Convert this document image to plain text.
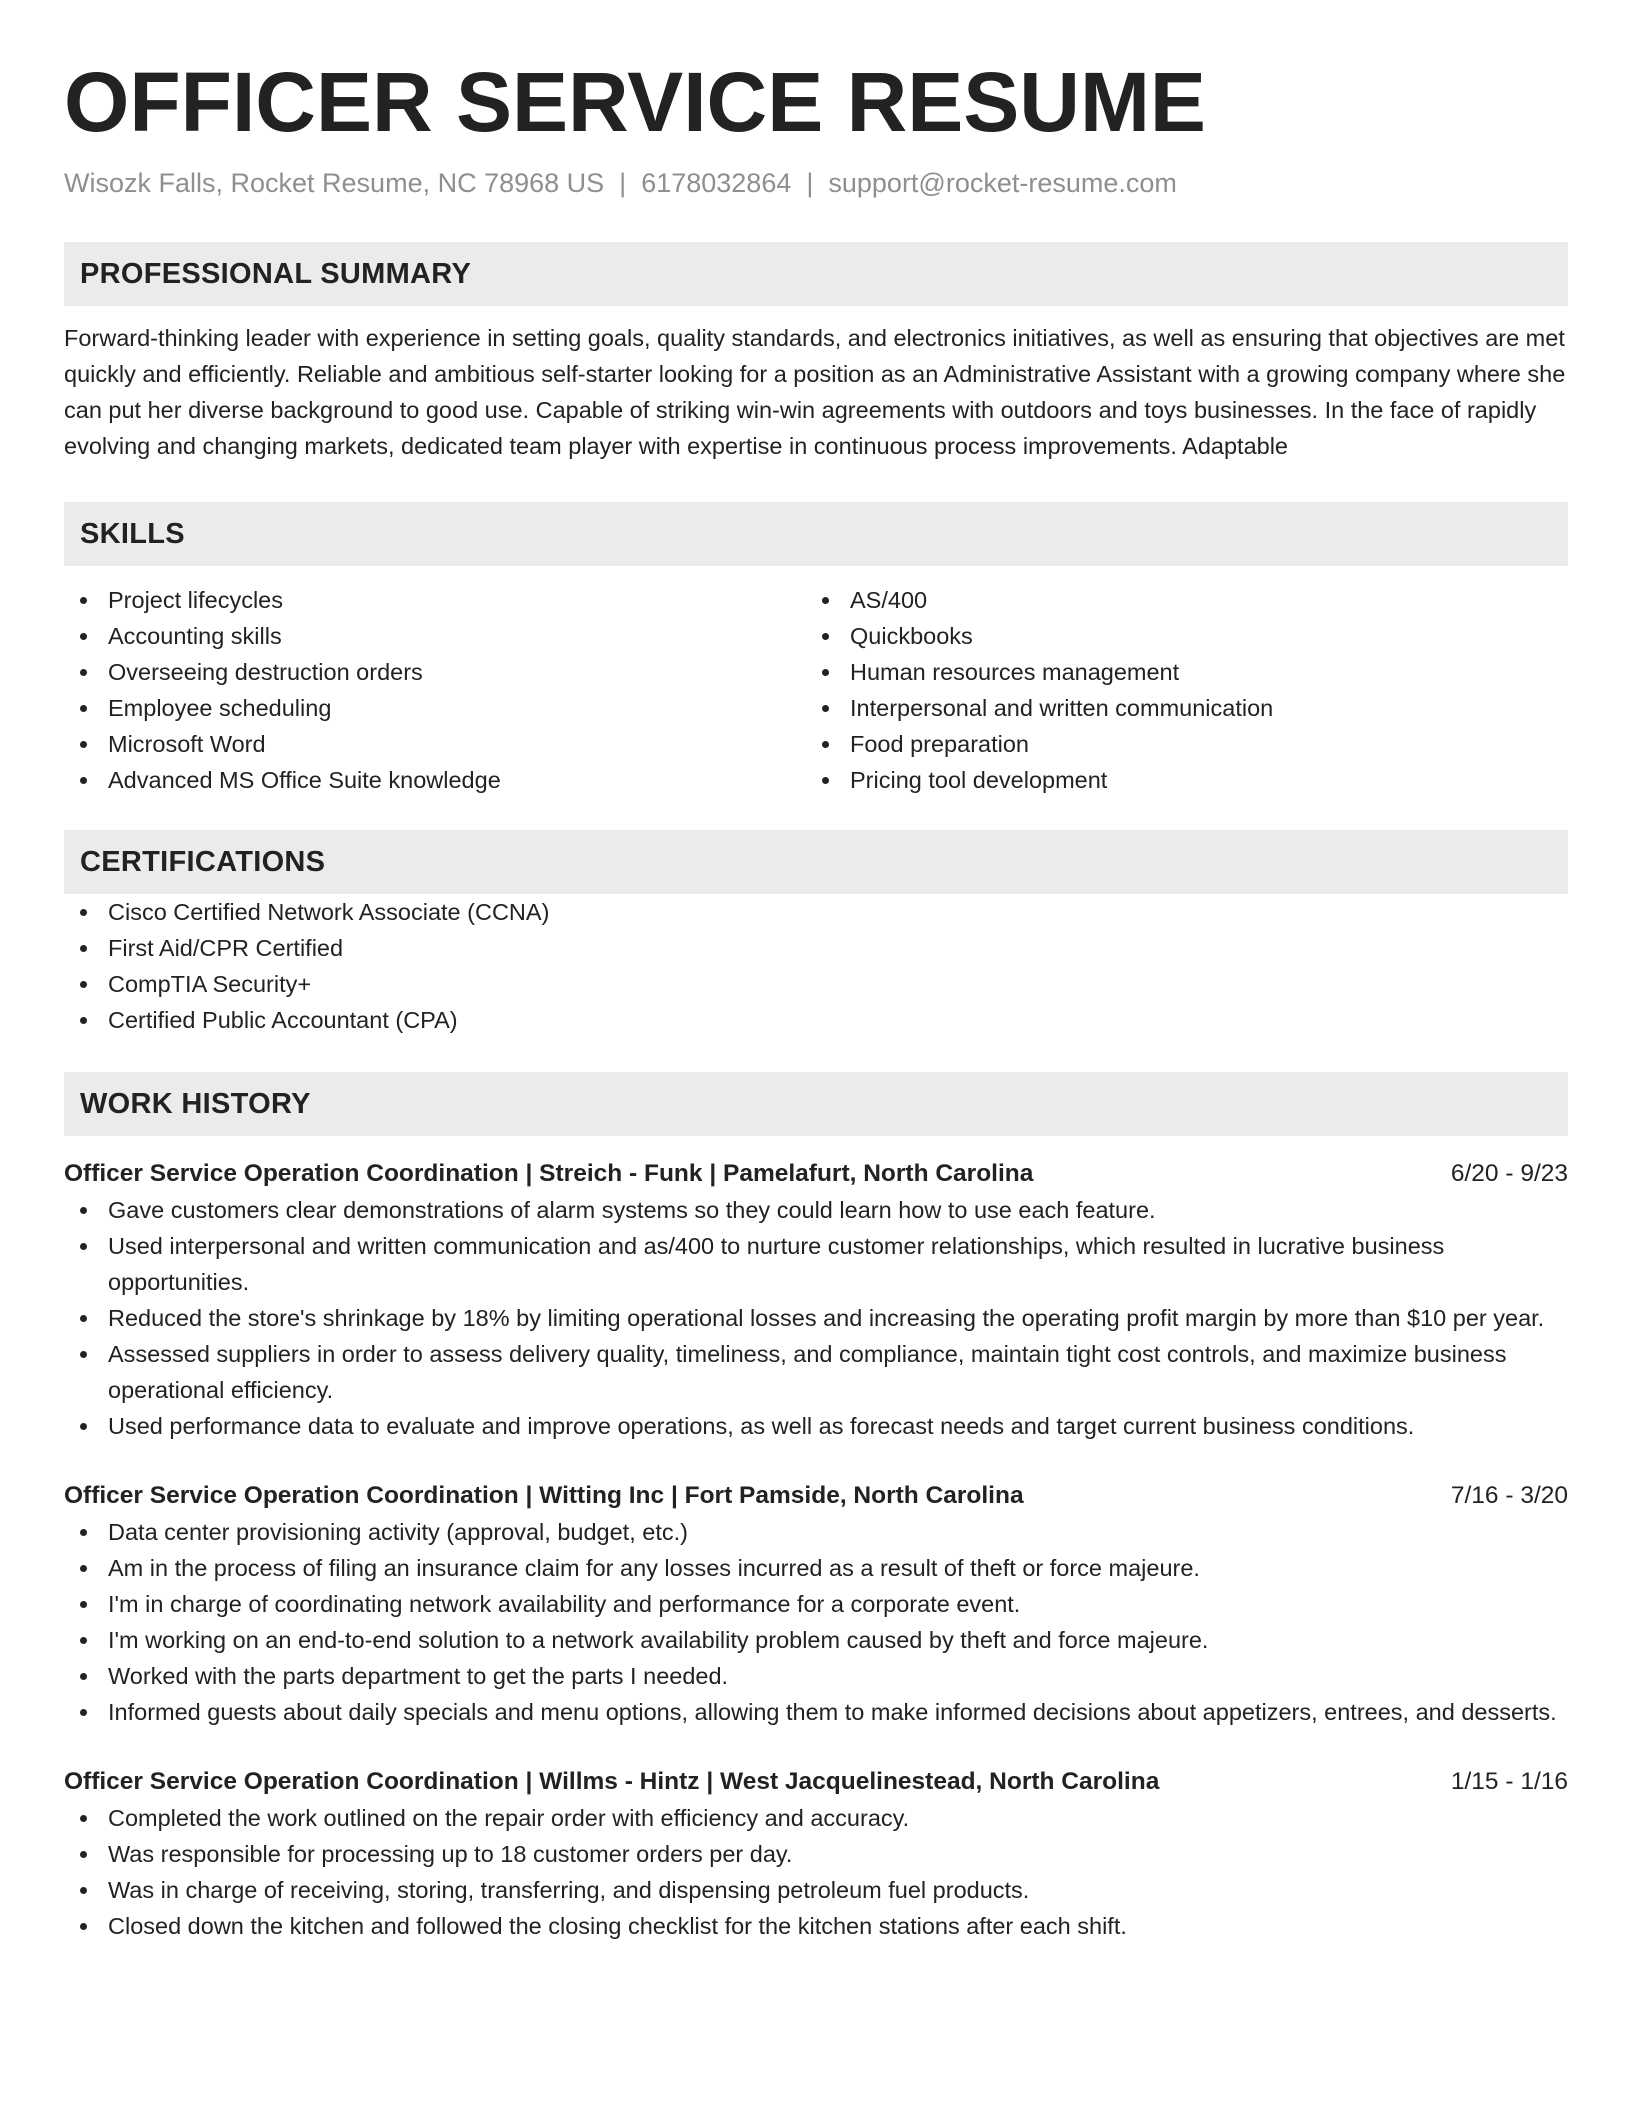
OFFICER SERVICE RESUME
Wisozk Falls, Rocket Resume, NC 78968 US | 6178032864 | support@rocket-resume.com
PROFESSIONAL SUMMARY
Forward-thinking leader with experience in setting goals, quality standards, and electronics initiatives, as well as ensuring that objectives are met quickly and efficiently. Reliable and ambitious self-starter looking for a position as an Administrative Assistant with a growing company where she can put her diverse background to good use. Capable of striking win-win agreements with outdoors and toys businesses. In the face of rapidly evolving and changing markets, dedicated team player with expertise in continuous process improvements. Adaptable
SKILLS
Project lifecycles
Accounting skills
Overseeing destruction orders
Employee scheduling
Microsoft Word
Advanced MS Office Suite knowledge
AS/400
Quickbooks
Human resources management
Interpersonal and written communication
Food preparation
Pricing tool development
CERTIFICATIONS
Cisco Certified Network Associate (CCNA)
First Aid/CPR Certified
CompTIA Security+
Certified Public Accountant (CPA)
WORK HISTORY
Officer Service Operation Coordination | Streich - Funk | Pamelafurt, North Carolina	6/20 - 9/23
Gave customers clear demonstrations of alarm systems so they could learn how to use each feature.
Used interpersonal and written communication and as/400 to nurture customer relationships, which resulted in lucrative business opportunities.
Reduced the store's shrinkage by 18% by limiting operational losses and increasing the operating profit margin by more than $10 per year.
Assessed suppliers in order to assess delivery quality, timeliness, and compliance, maintain tight cost controls, and maximize business operational efficiency.
Used performance data to evaluate and improve operations, as well as forecast needs and target current business conditions.
Officer Service Operation Coordination | Witting Inc | Fort Pamside, North Carolina	7/16 - 3/20
Data center provisioning activity (approval, budget, etc.)
Am in the process of filing an insurance claim for any losses incurred as a result of theft or force majeure.
I'm in charge of coordinating network availability and performance for a corporate event.
I'm working on an end-to-end solution to a network availability problem caused by theft and force majeure.
Worked with the parts department to get the parts I needed.
Informed guests about daily specials and menu options, allowing them to make informed decisions about appetizers, entrees, and desserts.
Officer Service Operation Coordination | Willms - Hintz | West Jacquelinestead, North Carolina	1/15 - 1/16
Completed the work outlined on the repair order with efficiency and accuracy.
Was responsible for processing up to 18 customer orders per day.
Was in charge of receiving, storing, transferring, and dispensing petroleum fuel products.
Closed down the kitchen and followed the closing checklist for the kitchen stations after each shift.
